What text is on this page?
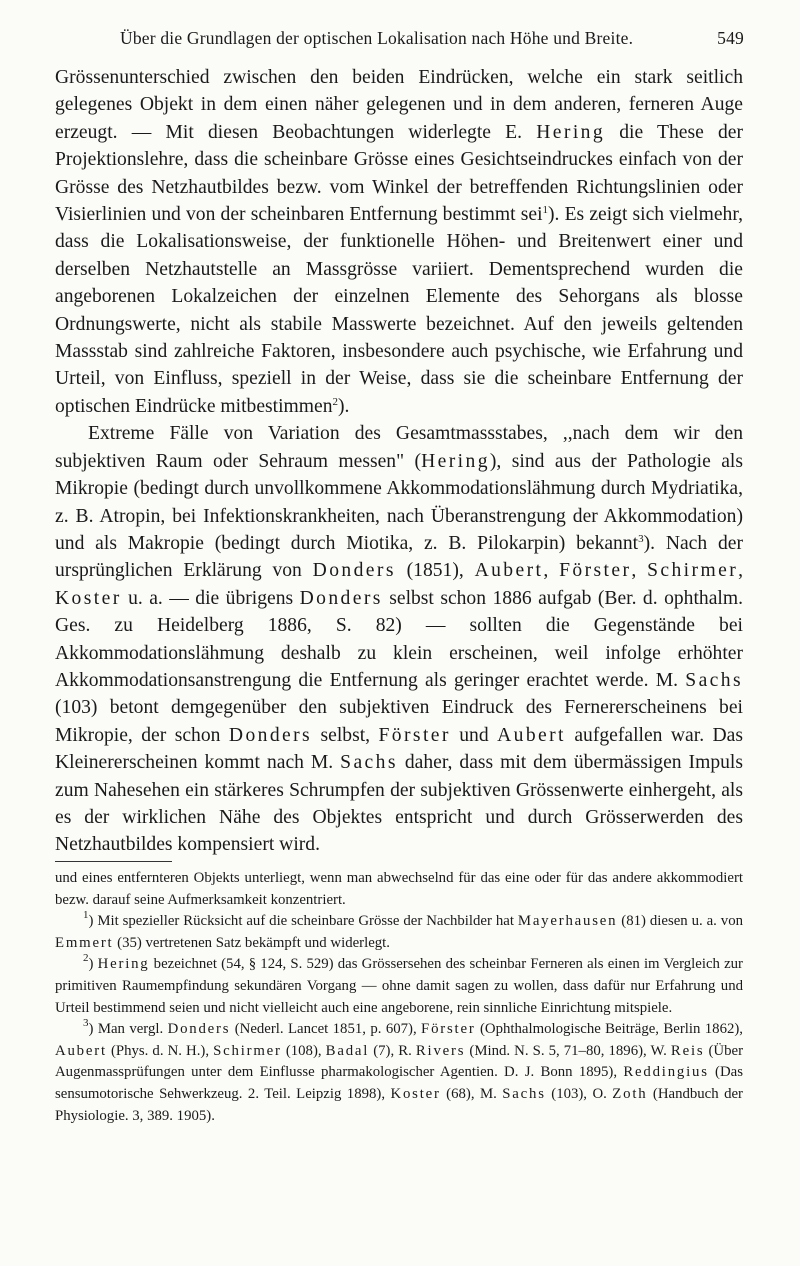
Über die Grundlagen der optischen Lokalisation nach Höhe und Breite.	549

Grössenunterschied zwischen den beiden Eindrücken, welche ein stark seitlich gelegenes Objekt in dem einen näher gelegenen und in dem anderen, ferneren Auge erzeugt. — Mit diesen Beobachtungen widerlegte E. Hering die These der Projektionslehre, dass die scheinbare Grösse eines Gesichtseindruckes einfach von der Grösse des Netzhautbildes bezw. vom Winkel der betreffenden Richtungslinien oder Visierlinien und von der scheinbaren Entfernung bestimmt sei$^1$). Es zeigt sich vielmehr, dass die Lokalisationsweise, der funktionelle Höhen- und Breitenwert einer und derselben Netzhautstelle an Massgrösse variiert. Dementsprechend wurden die angeborenen Lokalzeichen der einzelnen Elemente des Sehorgans als blosse Ordnungswerte, nicht als stabile Masswerte bezeichnet. Auf den jeweils geltenden Massstab sind zahlreiche Faktoren, insbesondere auch psychische, wie Erfahrung und Urteil, von Einfluss, speziell in der Weise, dass sie die scheinbare Entfernung der optischen Eindrücke mitbestimmen$^2$).

Extreme Fälle von Variation des Gesamtmassstabes, ,,nach dem wir den subjektiven Raum oder Sehraum messen" (Hering), sind aus der Pathologie als Mikropie (bedingt durch unvollkommene Akkommodationslähmung durch Mydriatika, z. B. Atropin, bei Infektionskrankheiten, nach Überanstrengung der Akkommodation) und als Makropie (bedingt durch Miotika, z. B. Pilokarpin) bekannt$^3$). Nach der ursprünglichen Erklärung von Donders (1851), Aubert, Förster, Schirmer, Koster u. a. — die übrigens Donders selbst schon 1886 aufgab (Ber. d. ophthalm. Ges. zu Heidelberg 1886, S. 82) — sollten die Gegenstände bei Akkommodationslähmung deshalb zu klein erscheinen, weil infolge erhöhter Akkommodationsanstrengung die Entfernung als geringer erachtet werde. M. Sachs (103) betont demgegenüber den subjektiven Eindruck des Fernererscheinens bei Mikropie, der schon Donders selbst, Förster und Aubert aufgefallen war. Das Kleinererscheinen kommt nach M. Sachs daher, dass mit dem übermässigen Impuls zum Nahesehen ein stärkeres Schrumpfen der subjektiven Grössenwerte einhergeht, als es der wirklichen Nähe des Objektes entspricht und durch Grösserwerden des Netzhautbildes kompensiert wird.

und eines entfernteren Objekts unterliegt, wenn man abwechselnd für das eine oder für das andere akkommodiert bezw. darauf seine Aufmerksamkeit konzentriert.

$^1$) Mit spezieller Rücksicht auf die scheinbare Grösse der Nachbilder hat Mayerhausen (81) diesen u. a. von Emmert (35) vertretenen Satz bekämpft und widerlegt.

$^2$) Hering bezeichnet (54, § 124, S. 529) das Grössersehen des scheinbar Ferneren als einen im Vergleich zur primitiven Raumempfindung sekundären Vorgang — ohne damit sagen zu wollen, dass dafür nur Erfahrung und Urteil bestimmend seien und nicht vielleicht auch eine angeborene, rein sinnliche Einrichtung mitspiele.

$^3$) Man vergl. Donders (Nederl. Lancet 1851, p. 607), Förster (Ophthalmologische Beiträge, Berlin 1862), Aubert (Phys. d. N. H.), Schirmer (108), Badal (7), R. Rivers (Mind. N. S. 5, 71–80, 1896), W. Reis (Über Augenmassprüfungen unter dem Einflusse pharmakologischer Agentien. D. J. Bonn 1895), Reddingius (Das sensumotorische Sehwerkzeug. 2. Teil. Leipzig 1898), Koster (68), M. Sachs (103), O. Zoth (Handbuch der Physiologie. 3, 389. 1905).
